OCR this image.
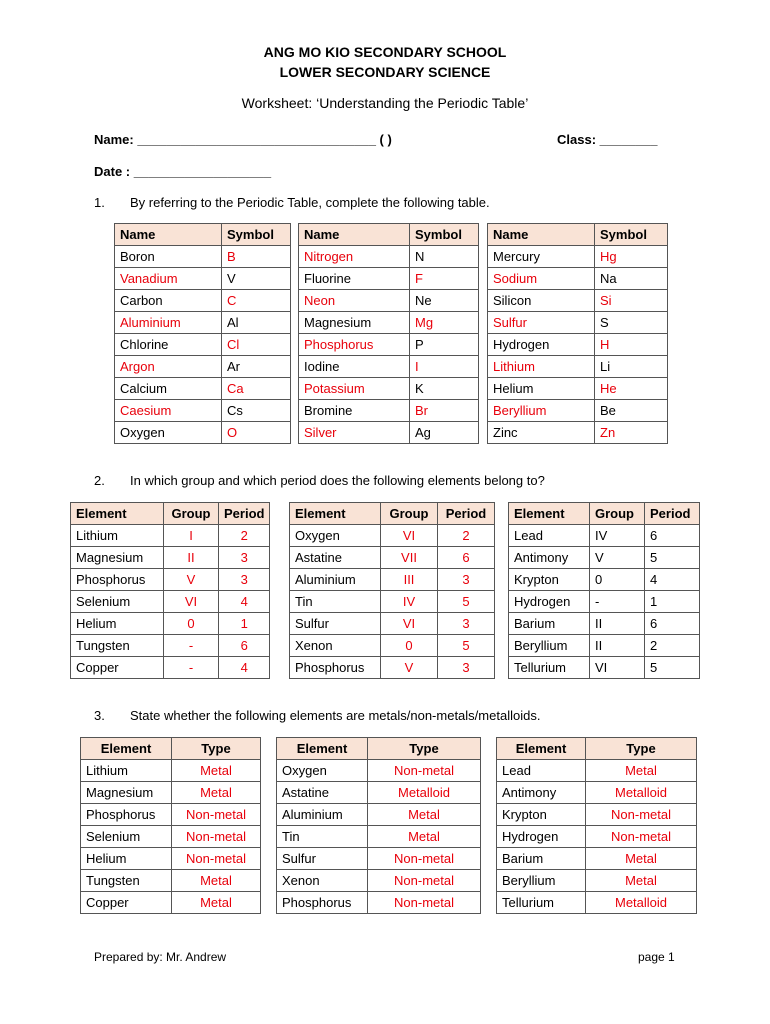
ANG MO KIO SECONDARY SCHOOL
LOWER SECONDARY SCIENCE
Worksheet: ‘Understanding the Periodic Table’
Name: _________________________________ ( )	Class: ________
Date : ___________________
1. By referring to the Periodic Table, complete the following table.
Name	Symbol
Boron	B
Vanadium	V
Carbon	C
Aluminium	Al
Chlorine	Cl
Argon	Ar
Calcium	Ca
Caesium	Cs
Oxygen	O
Name	Symbol
Nitrogen	N
Fluorine	F
Neon	Ne
Magnesium	Mg
Phosphorus	P
Iodine	I
Potassium	K
Bromine	Br
Silver	Ag
Name	Symbol
Mercury	Hg
Sodium	Na
Silicon	Si
Sulfur	S
Hydrogen	H
Lithium	Li
Helium	He
Beryllium	Be
Zinc	Zn
2. In which group and which period does the following elements belong to?
Element	Group	Period
Lithium	I	2
Magnesium	II	3
Phosphorus	V	3
Selenium	VI	4
Helium	0	1
Tungsten	-	6
Copper	-	4
Element	Group	Period
Oxygen	VI	2
Astatine	VII	6
Aluminium	III	3
Tin	IV	5
Sulfur	VI	3
Xenon	0	5
Phosphorus	V	3
Element	Group	Period
Lead	IV	6
Antimony	V	5
Krypton	0	4
Hydrogen	-	1
Barium	II	6
Beryllium	II	2
Tellurium	VI	5
3. State whether the following elements are metals/non-metals/metalloids.
Element	Type
Lithium	Metal
Magnesium	Metal
Phosphorus	Non-metal
Selenium	Non-metal
Helium	Non-metal
Tungsten	Metal
Copper	Metal
Element	Type
Oxygen	Non-metal
Astatine	Metalloid
Aluminium	Metal
Tin	Metal
Sulfur	Non-metal
Xenon	Non-metal
Phosphorus	Non-metal
Element	Type
Lead	Metal
Antimony	Metalloid
Krypton	Non-metal
Hydrogen	Non-metal
Barium	Metal
Beryllium	Metal
Tellurium	Metalloid
Prepared by: Mr. Andrew	page 1
